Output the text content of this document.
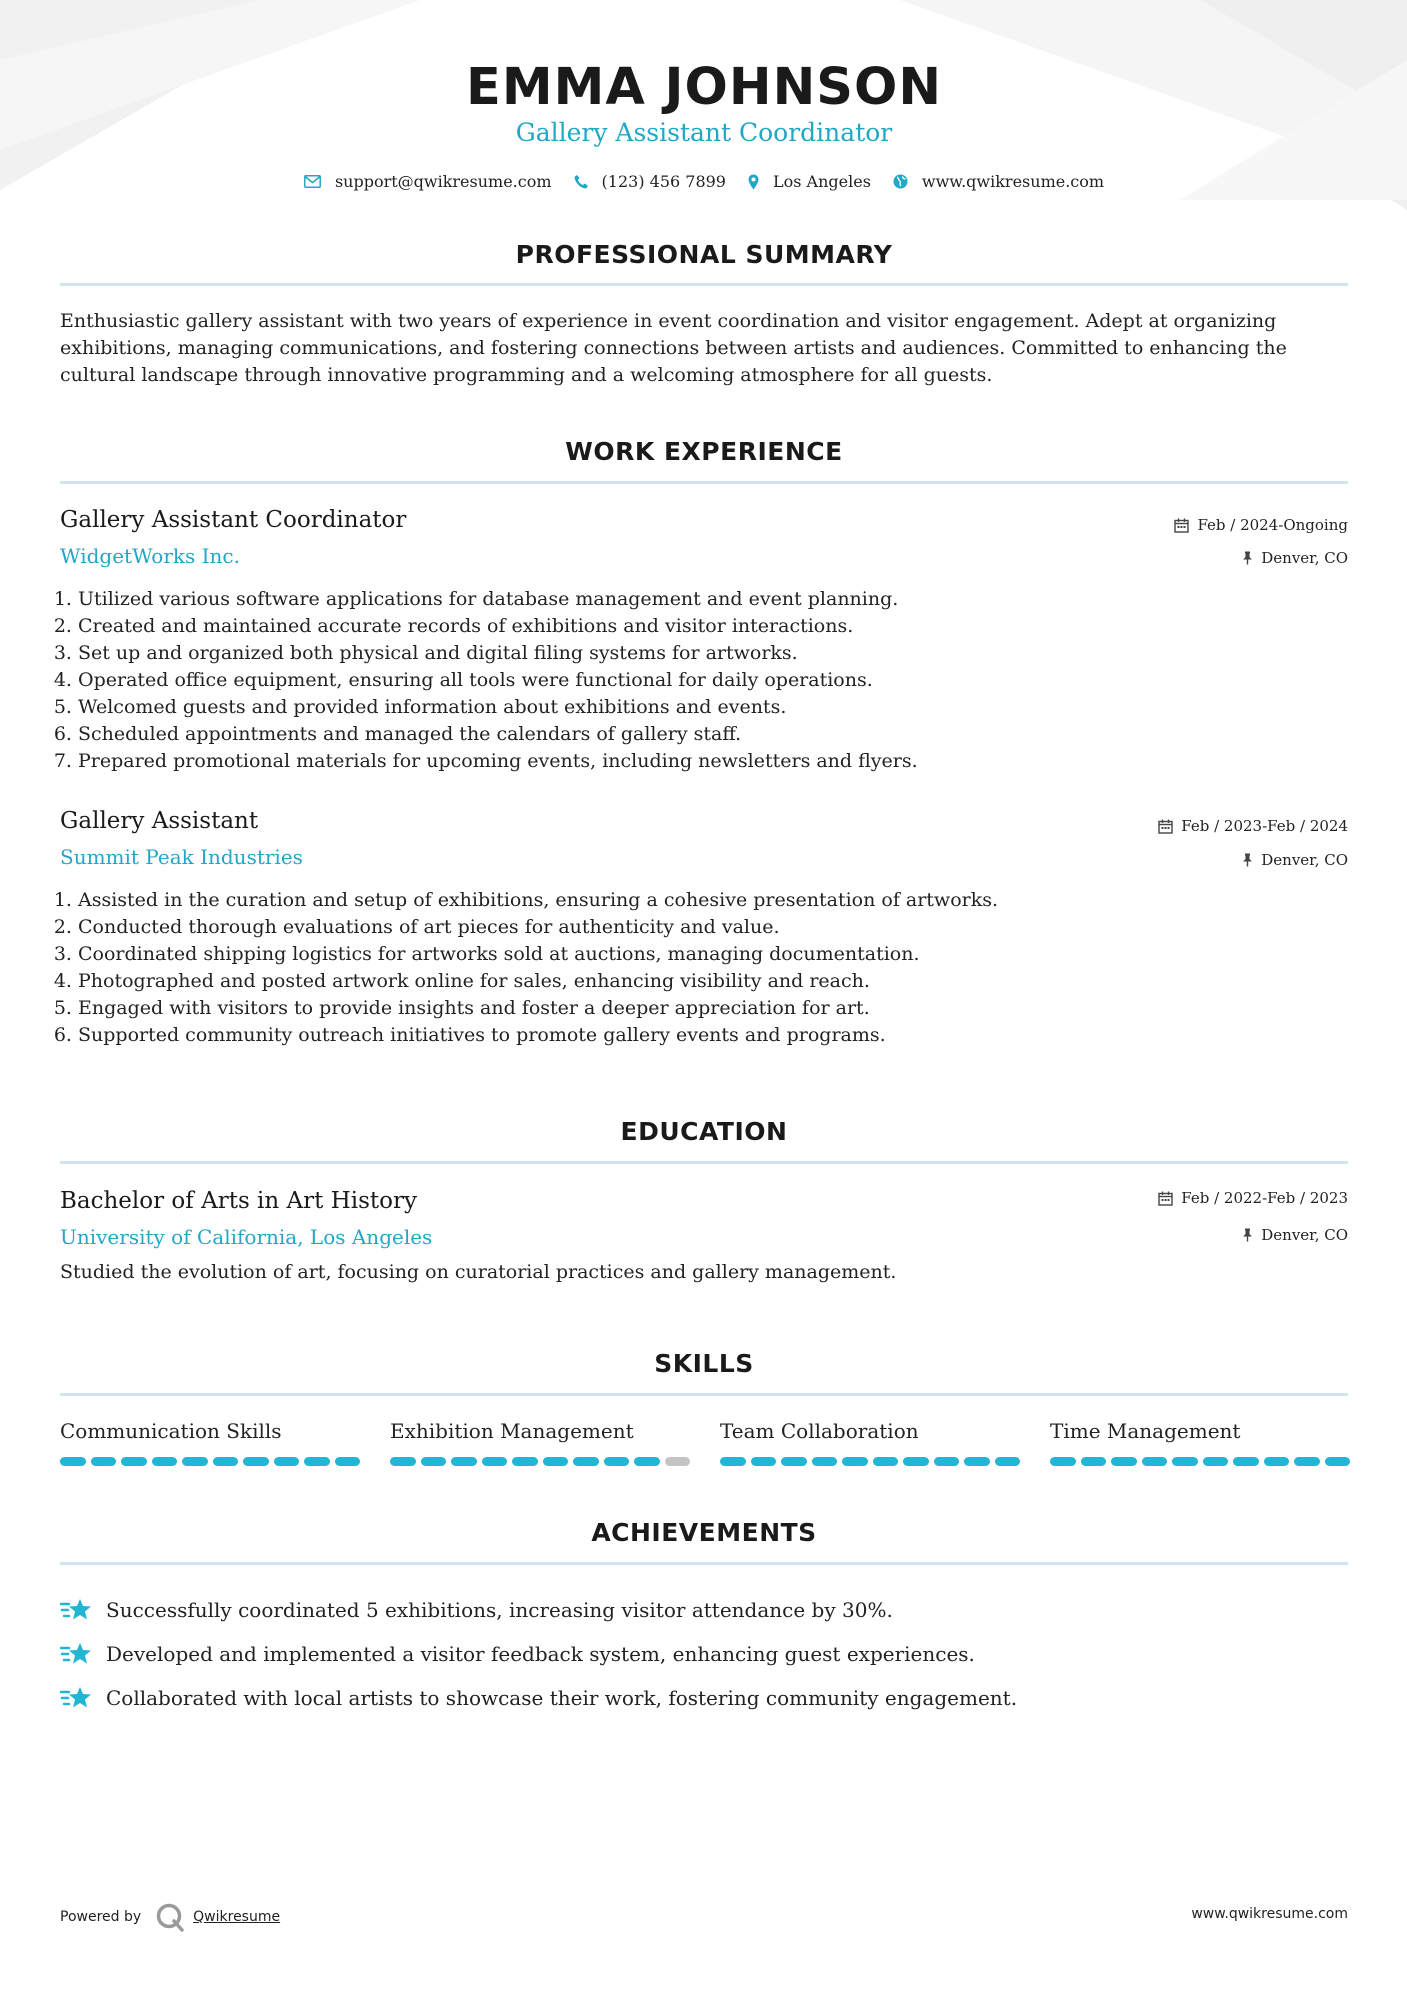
EMMA JOHNSON
Gallery Assistant Coordinator
support@qwikresume.com	(123) 456 7899	Los Angeles	www.qwikresume.com
PROFESSIONAL SUMMARY
Enthusiastic gallery assistant with two years of experience in event coordination and visitor engagement. Adept at organizing exhibitions, managing communications, and fostering connections between artists and audiences. Committed to enhancing the cultural landscape through innovative programming and a welcoming atmosphere for all guests.
WORK EXPERIENCE
Gallery Assistant Coordinator	Feb / 2024-Ongoing
WidgetWorks Inc.	Denver, CO
1. Utilized various software applications for database management and event planning.
2. Created and maintained accurate records of exhibitions and visitor interactions.
3. Set up and organized both physical and digital filing systems for artworks.
4. Operated office equipment, ensuring all tools were functional for daily operations.
5. Welcomed guests and provided information about exhibitions and events.
6. Scheduled appointments and managed the calendars of gallery staff.
7. Prepared promotional materials for upcoming events, including newsletters and flyers.
Gallery Assistant	Feb / 2023-Feb / 2024
Summit Peak Industries	Denver, CO
1. Assisted in the curation and setup of exhibitions, ensuring a cohesive presentation of artworks.
2. Conducted thorough evaluations of art pieces for authenticity and value.
3. Coordinated shipping logistics for artworks sold at auctions, managing documentation.
4. Photographed and posted artwork online for sales, enhancing visibility and reach.
5. Engaged with visitors to provide insights and foster a deeper appreciation for art.
6. Supported community outreach initiatives to promote gallery events and programs.
EDUCATION
Bachelor of Arts in Art History	Feb / 2022-Feb / 2023
University of California, Los Angeles	Denver, CO
Studied the evolution of art, focusing on curatorial practices and gallery management.
SKILLS
Communication Skills	Exhibition Management	Team Collaboration	Time Management
ACHIEVEMENTS
Successfully coordinated 5 exhibitions, increasing visitor attendance by 30%.
Developed and implemented a visitor feedback system, enhancing guest experiences.
Collaborated with local artists to showcase their work, fostering community engagement.
Powered by	Qwikresume	www.qwikresume.com
